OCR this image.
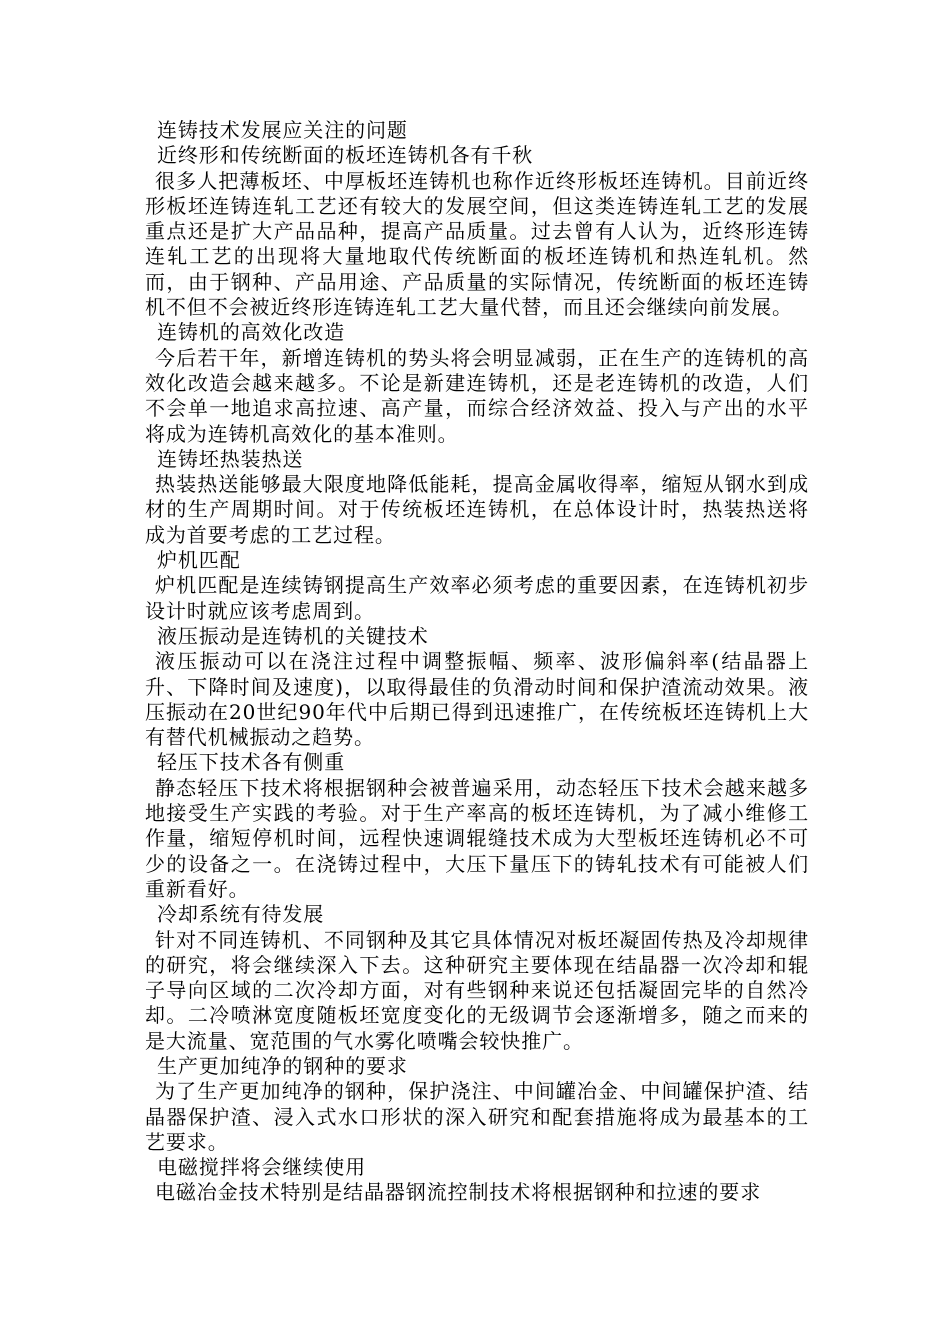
连铸技术发展应关注的问题

近终形和传统断面的板坯连铸机各有千秋

很多人把薄板坯、中厚板坯连铸机也称作近终形板坯连铸机。目前近终形板坯连铸连轧工艺还有较大的发展空间，但这类连铸连轧工艺的发展重点还是扩大产品品种，提高产品质量。过去曾有人认为，近终形连铸连轧工艺的出现将大量地取代传统断面的板坯连铸机和热连轧机。然而，由于钢种、产品用途、产品质量的实际情况，传统断面的板坯连铸机不但不会被近终形连铸连轧工艺大量代替，而且还会继续向前发展。

连铸机的高效化改造

今后若干年，新增连铸机的势头将会明显减弱，正在生产的连铸机的高效化改造会越来越多。不论是新建连铸机，还是老连铸机的改造，人们不会单一地追求高拉速、高产量，而综合经济效益、投入与产出的水平将成为连铸机高效化的基本准则。

连铸坯热装热送

热装热送能够最大限度地降低能耗，提高金属收得率，缩短从钢水到成材的生产周期时间。对于传统板坯连铸机，在总体设计时，热装热送将成为首要考虑的工艺过程。

炉机匹配

炉机匹配是连续铸钢提高生产效率必须考虑的重要因素，在连铸机初步设计时就应该考虑周到。

液压振动是连铸机的关键技术

液压振动可以在浇注过程中调整振幅、频率、波形偏斜率(结晶器上升、下降时间及速度)，以取得最佳的负滑动时间和保护渣流动效果。液压振动在20世纪90年代中后期已得到迅速推广，在传统板坯连铸机上大有替代机械振动之趋势。

轻压下技术各有侧重

静态轻压下技术将根据钢种会被普遍采用，动态轻压下技术会越来越多地接受生产实践的考验。对于生产率高的板坯连铸机，为了减小维修工作量，缩短停机时间，远程快速调辊缝技术成为大型板坯连铸机必不可少的设备之一。在浇铸过程中，大压下量压下的铸轧技术有可能被人们重新看好。

冷却系统有待发展

针对不同连铸机、不同钢种及其它具体情况对板坯凝固传热及冷却规律的研究，将会继续深入下去。这种研究主要体现在结晶器一次冷却和辊子导向区域的二次冷却方面，对有些钢种来说还包括凝固完毕的自然冷却。二冷喷淋宽度随板坯宽度变化的无级调节会逐渐增多，随之而来的是大流量、宽范围的气水雾化喷嘴会较快推广。

生产更加纯净的钢种的要求

为了生产更加纯净的钢种，保护浇注、中间罐冶金、中间罐保护渣、结晶器保护渣、浸入式水口形状的深入研究和配套措施将成为最基本的工艺要求。

电磁搅拌将会继续使用

电磁冶金技术特别是结晶器钢流控制技术将根据钢种和拉速的要求
